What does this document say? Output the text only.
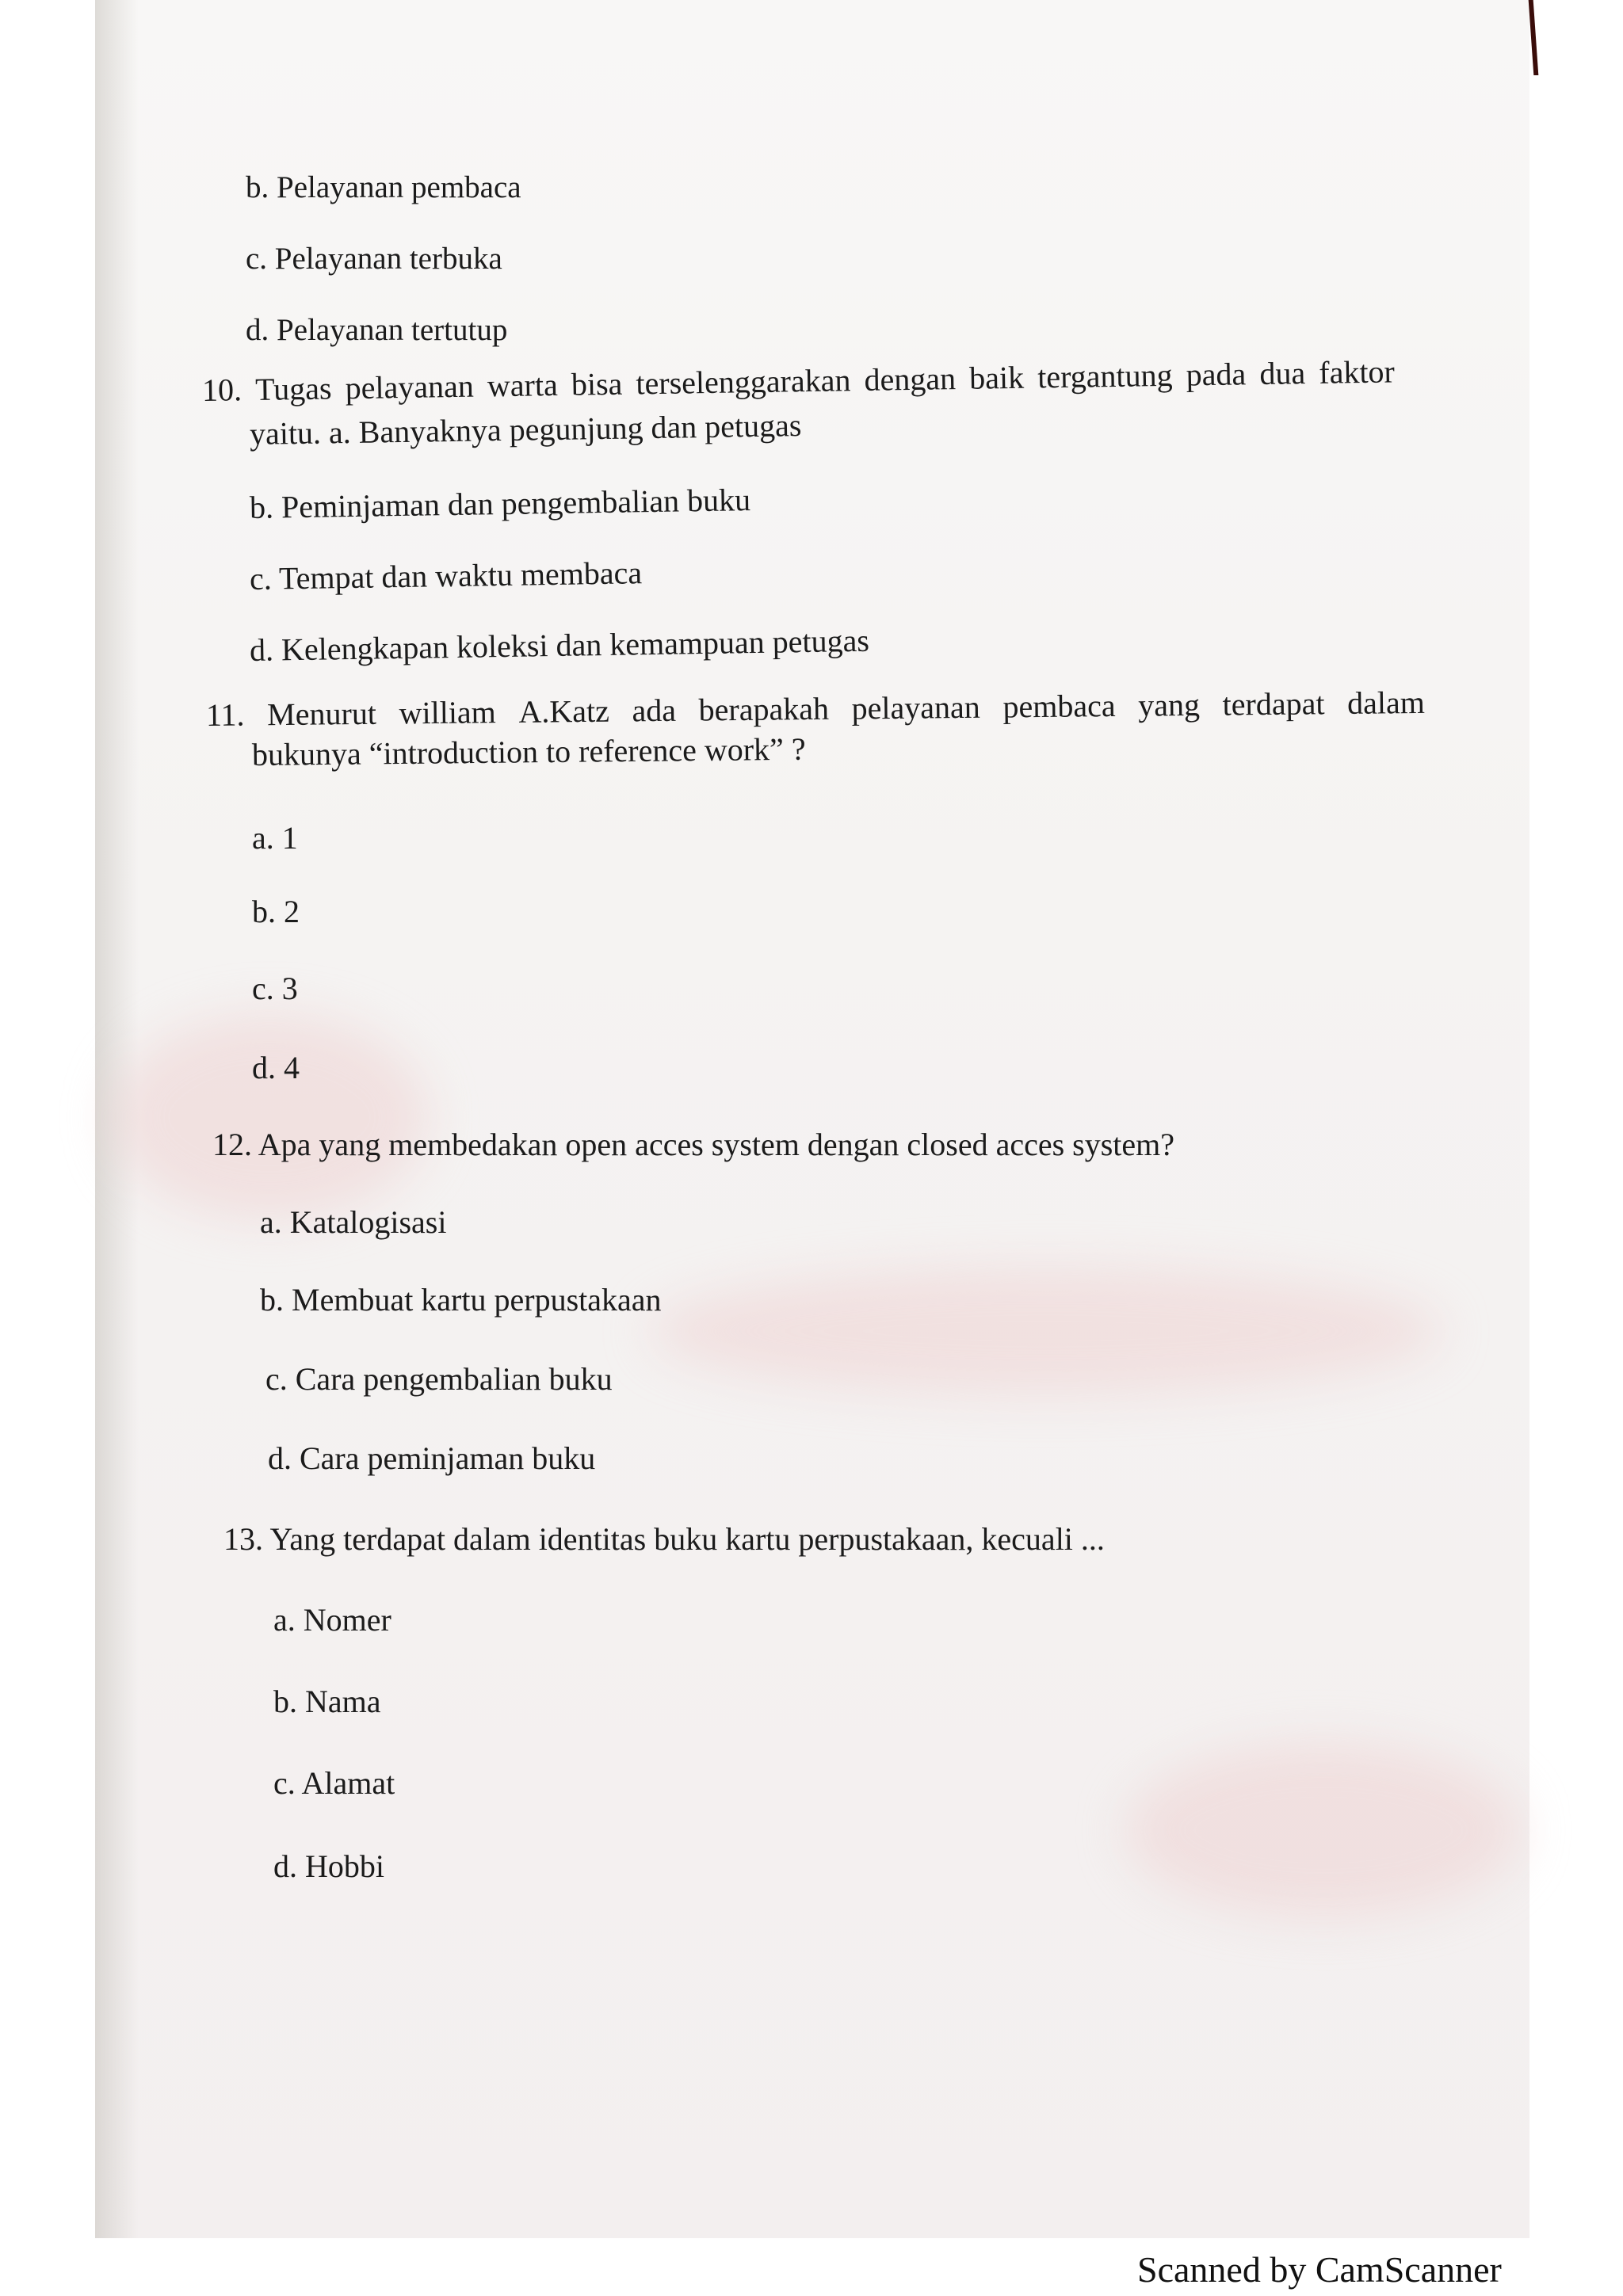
b. Pelayanan pembaca
c. Pelayanan terbuka
d. Pelayanan tertutup
10. Tugas pelayanan warta bisa terselenggarakan dengan baik tergantung pada dua faktor
yaitu. a. Banyaknya pegunjung dan petugas
b. Peminjaman dan pengembalian buku
c. Tempat dan waktu membaca
d. Kelengkapan koleksi dan kemampuan petugas
11. Menurut william A.Katz ada berapakah pelayanan pembaca yang terdapat dalam
bukunya “introduction to reference work” ?
a. 1
b. 2
c. 3
d. 4
12. Apa yang membedakan open acces system dengan closed acces system?
a. Katalogisasi
b. Membuat kartu perpustakaan
c. Cara pengembalian buku
d. Cara peminjaman buku
13. Yang terdapat dalam identitas buku kartu perpustakaan, kecuali ...
a. Nomer
b. Nama
c. Alamat
d. Hobbi
Scanned by CamScanner
